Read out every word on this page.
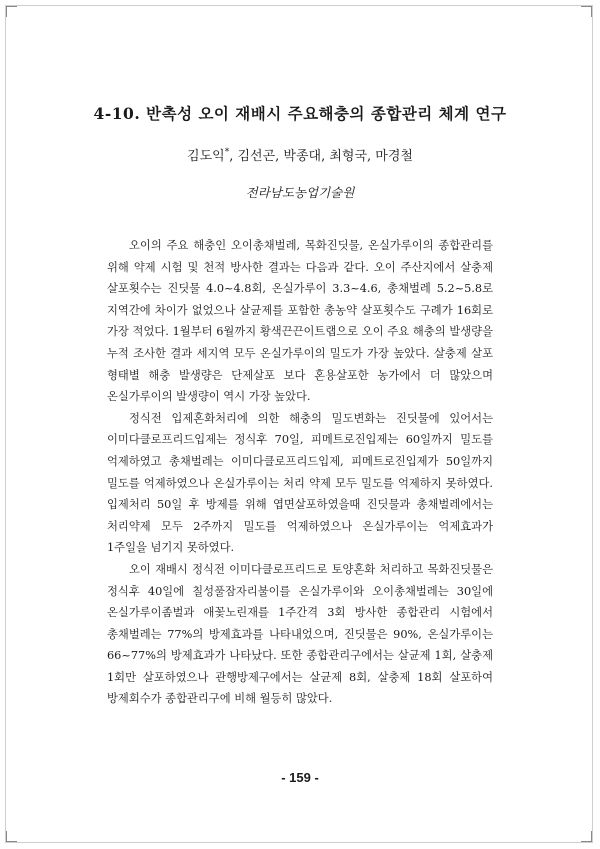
4-10. 반촉성 오이 재배시 주요해충의 종합관리 체계 연구
김도익*, 김선곤, 박종대, 최형국, 마경철
전라남도농업기술원

오이의 주요 해충인 오이총채벌레, 목화진딧물, 온실가루이의 종합관리를 위해 약제 시험 및 천적 방사한 결과는 다음과 같다. 오이 주산지에서 살충제 살포횟수는 진딧물 4.0~4.8회, 온실가루이 3.3~4.6, 총채벌레 5.2~5.8로 지역간에 차이가 없었으나 살균제를 포함한 총농약 살포횟수도 구례가 16회로 가장 적었다. 1월부터 6월까지 황색끈끈이트랩으로 오이 주요 해충의 발생량을 누적 조사한 결과 세지역 모두 온실가루이의 밀도가 가장 높았다. 살충제 살포 형태별 해충 발생량은 단제살포 보다 혼용살포한 농가에서 더 많았으며 온실가루이의 발생량이 역시 가장 높았다.

정식전 입제혼화처리에 의한 해충의 밀도변화는 진딧물에 있어서는 이미다클로프리드입제는 정식후 70일, 피메트로진입제는 60일까지 밀도를 억제하였고 총채벌레는 이미다클로프리드입제, 피메트로진입제가 50일까지 밀도를 억제하였으나 온실가루이는 처리 약제 모두 밀도를 억제하지 못하였다. 입제처리 50일 후 방제를 위해 엽면살포하였을때 진딧물과 총채벌레에서는 처리약제 모두 2주까지 밀도를 억제하였으나 온실가루이는 억제효과가 1주일을 넘기지 못하였다.

오이 재배시 정식전 이미다클로프리드로 토양혼화 처리하고 목화진딧물은 정식후 40일에 칠성풀잠자리불이를 온실가루이와 오이총채벌레는 30일에 온실가루이좀벌과 애꽃노린재를 1주간격 3회 방사한 종합관리 시험에서 총채벌레는 77%의 방제효과를 나타내었으며, 진딧물은 90%, 온실가루이는 66~77%의 방제효과가 나타났다. 또한 종합관리구에서는 살균제 1회, 살충제 1회만 살포하였으나 관행방제구에서는 살균제 8회, 살충제 18회 살포하여 방제회수가 종합관리구에 비해 월등히 많았다.

- 159 -
